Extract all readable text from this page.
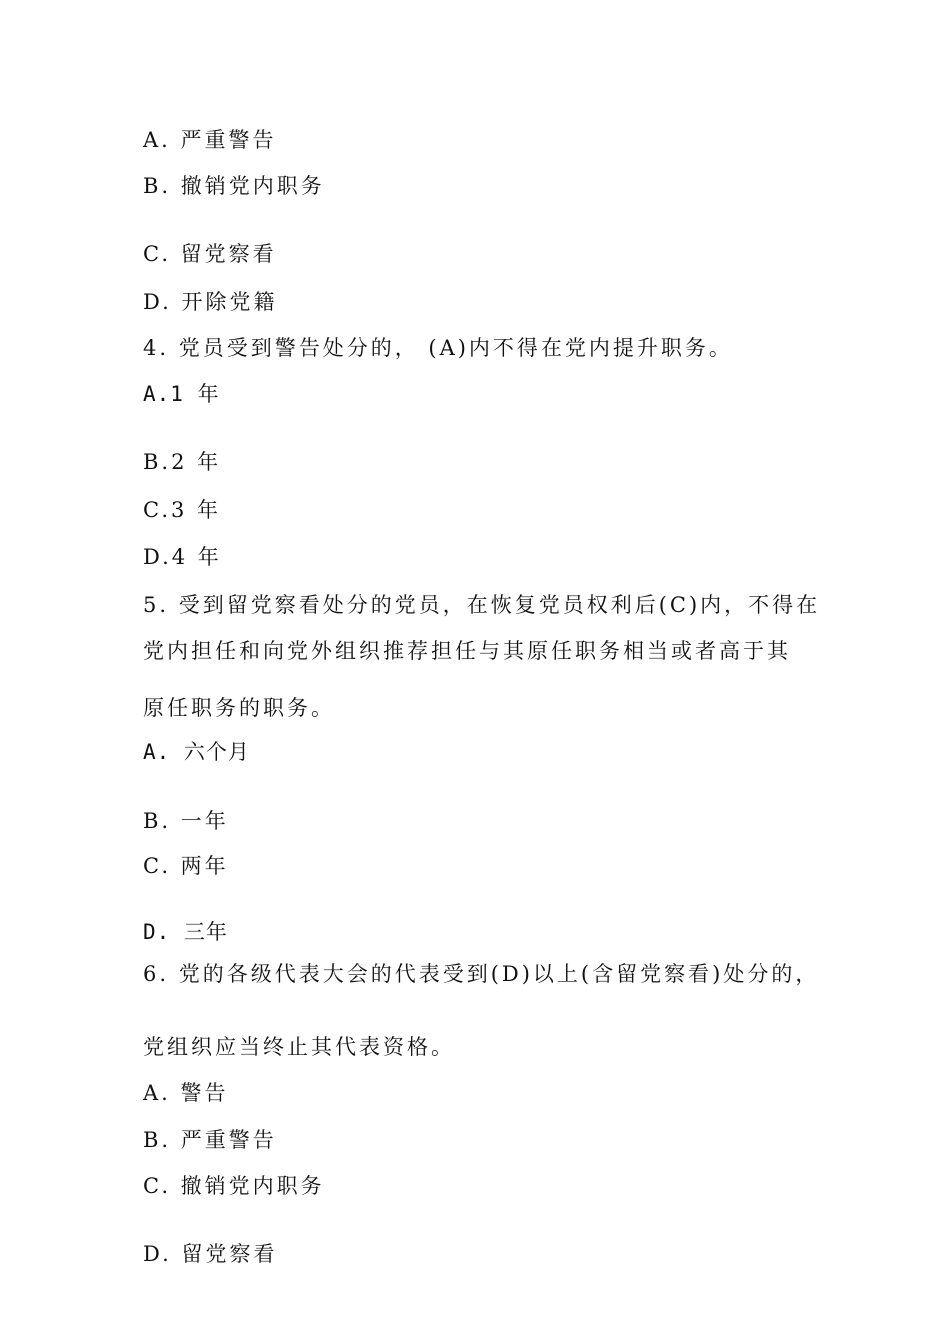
A. 严重警告
B. 撤销党内职务
C. 留党察看
D. 开除党籍
4. 党员受到警告处分的， (A)内不得在党内提升职务。
A.1 年
B.2 年
C.3 年
D.4 年
5. 受到留党察看处分的党员，在恢复党员权利后(C)内，不得在
党内担任和向党外组织推荐担任与其原任职务相当或者高于其
原任职务的职务。
A. 六个月
B. 一年
C. 两年
D. 三年
6. 党的各级代表大会的代表受到(D)以上(含留党察看)处分的，
党组织应当终止其代表资格。
A. 警告
B. 严重警告
C. 撤销党内职务
D. 留党察看
